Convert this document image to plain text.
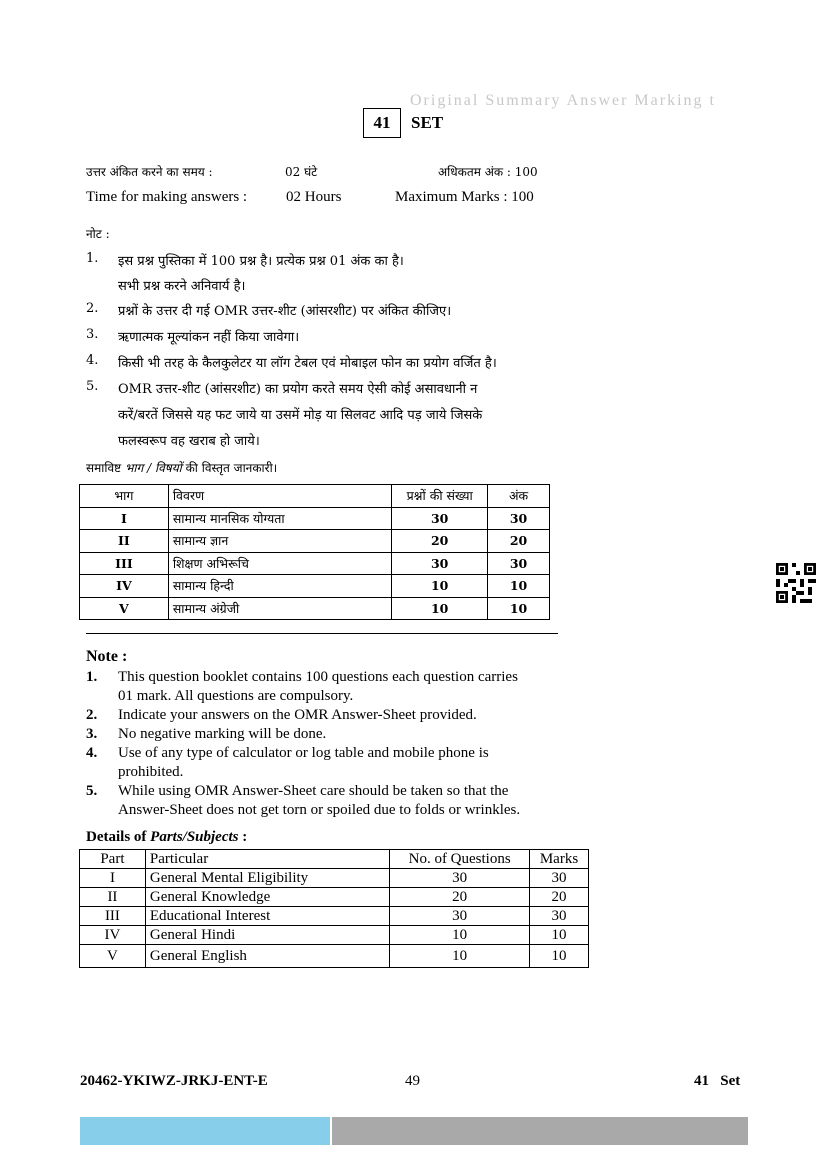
Original Summary Answer Marking t
41	SET
उत्तर अंकित करने का समय :	02 घंटे	अधिकतम अंक : 100
Time for making answers :	02 Hours	Maximum Marks : 100
नोट :
1.	इस प्रश्न पुस्तिका में 100 प्रश्न है। प्रत्येक प्रश्न 01 अंक का है।
सभी प्रश्न करने अनिवार्य है।
2.	प्रश्नों के उत्तर दी गई OMR उत्तर-शीट (आंसरशीट) पर अंकित कीजिए।
3.	ऋणात्मक मूल्यांकन नहीं किया जावेगा।
4.	किसी भी तरह के कैलकुलेटर या लॉग टेबल एवं मोबाइल फोन का प्रयोग वर्जित है।
5.	OMR उत्तर-शीट (आंसरशीट) का प्रयोग करते समय ऐसी कोई असावधानी न
करें/बरतें जिससे यह फट जाये या उसमें मोड़ या सिलवट आदि पड़ जाये जिसके
फलस्वरूप वह खराब हो जाये।
समाविष्ट भाग / विषयों की विस्तृत जानकारी।
भाग	विवरण	प्रश्नों की संख्या	अंक
I	सामान्य मानसिक योग्यता	30	30
II	सामान्य ज्ञान	20	20
III	शिक्षण अभिरूचि	30	30
IV	सामान्य हिन्दी	10	10
V	सामान्य अंग्रेजी	10	10
Note :
1.	This question booklet contains 100 questions each question carries
01 mark. All questions are compulsory.
2.	Indicate your answers on the OMR Answer-Sheet provided.
3.	No negative marking will be done.
4.	Use of any type of calculator or log table and mobile phone is
prohibited.
5.	While using OMR Answer-Sheet care should be taken so that the
Answer-Sheet does not get torn or spoiled due to folds or wrinkles.
Details of Parts/Subjects :
Part	Particular	No. of Questions	Marks
I	General Mental Eligibility	30	30
II	General Knowledge	20	20
III	Educational Interest	30	30
IV	General Hindi	10	10
V	General English	10	10
20462-YKIWZ-JRKJ-ENT-E	49	41   Set
